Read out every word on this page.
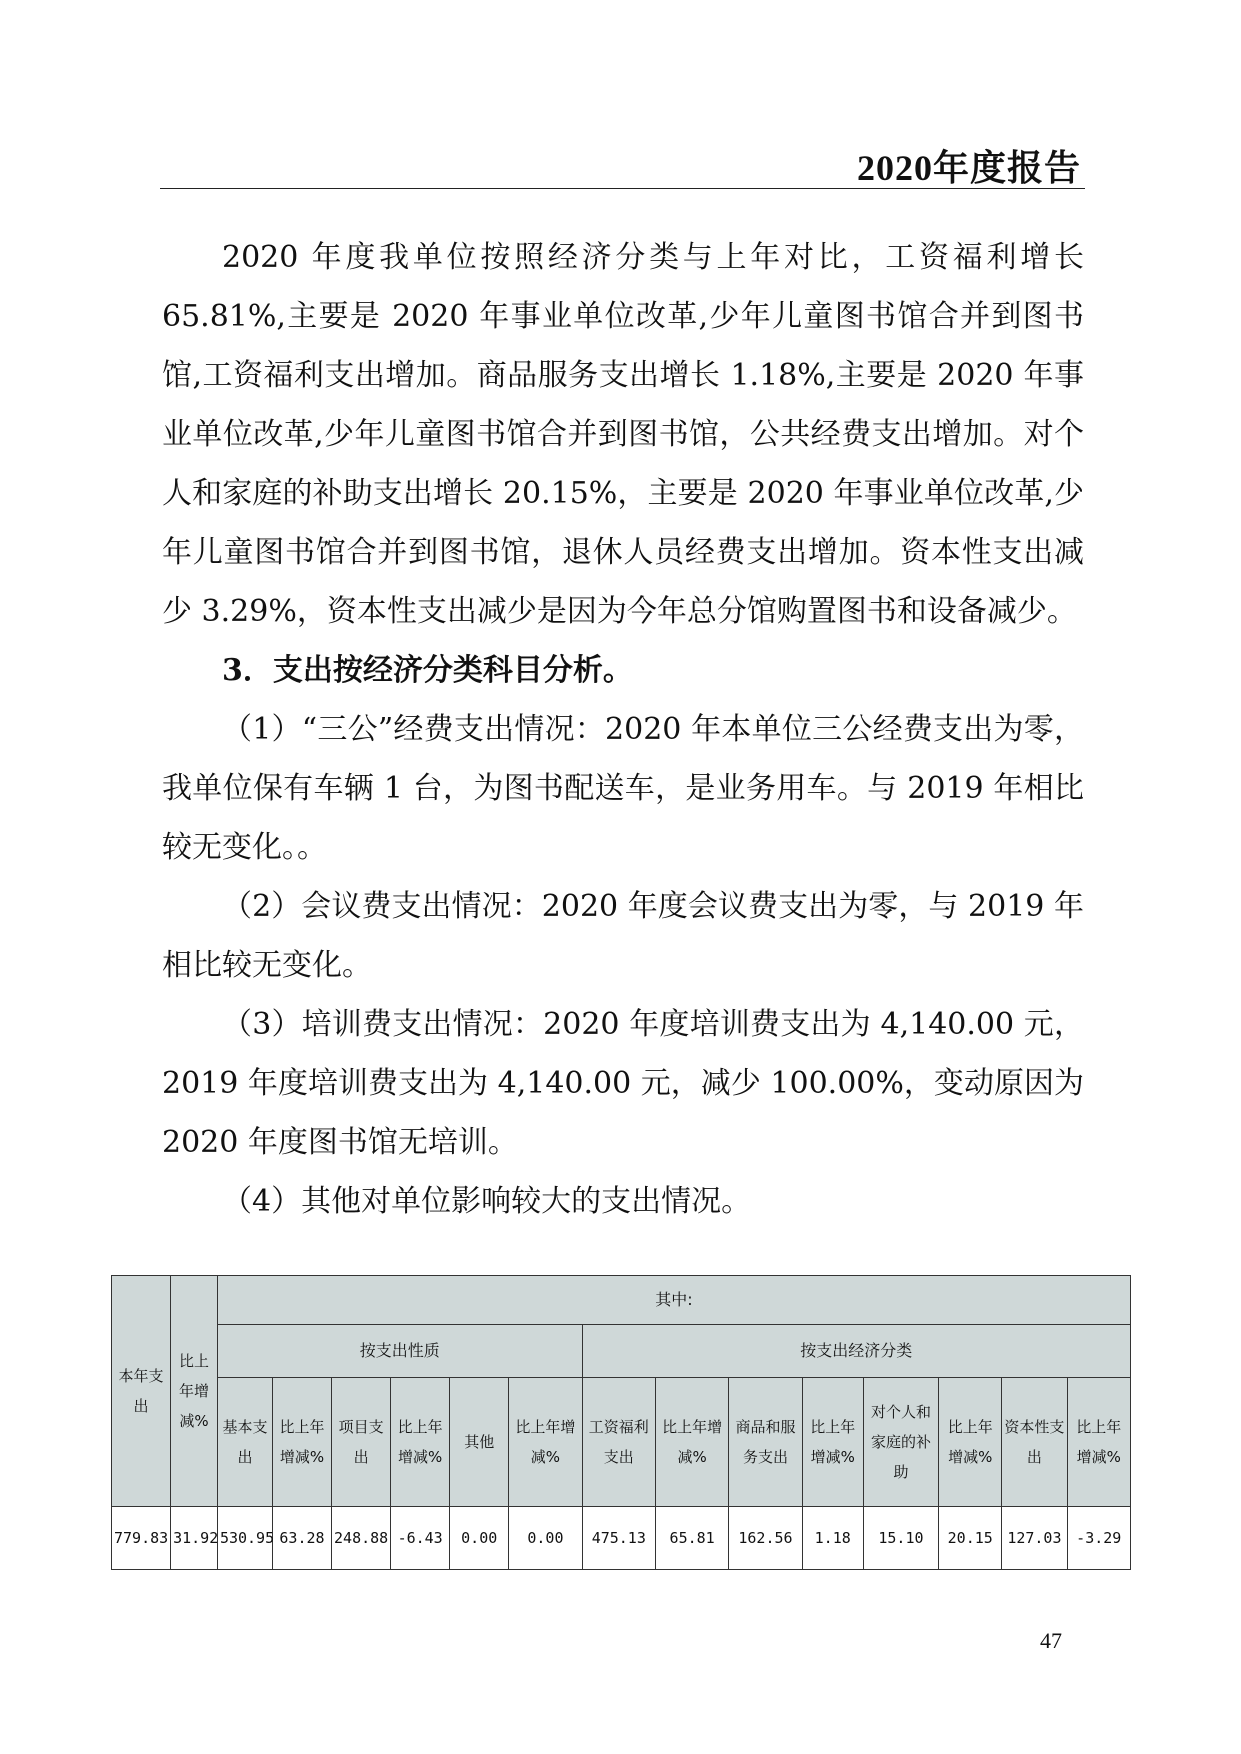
2020年度报告

2020 年度我单位按照经济分类与上年对比，工资福利增长 65.81%,主要是 2020 年事业单位改革,少年儿童图书馆合并到图书馆,工资福利支出增加。商品服务支出增长 1.18%,主要是 2020 年事业单位改革,少年儿童图书馆合并到图书馆，公共经费支出增加。对个人和家庭的补助支出增长 20.15%，主要是 2020 年事业单位改革,少年儿童图书馆合并到图书馆，退休人员经费支出增加。资本性支出减少 3.29%，资本性支出减少是因为今年总分馆购置图书和设备减少。

3．支出按经济分类科目分析。

（1）“三公”经费支出情况：2020 年本单位三公经费支出为零，我单位保有车辆 1 台，为图书配送车，是业务用车。与 2019 年相比较无变化。。

（2）会议费支出情况：2020 年度会议费支出为零，与 2019 年相比较无变化。

（3）培训费支出情况：2020 年度培训费支出为 4,140.00 元，2019 年度培训费支出为 4,140.00 元，减少 100.00%，变动原因为 2020 年度图书馆无培训。

（4）其他对单位影响较大的支出情况。

本年支出	比上年增减%	其中:													
		按支出性质						按支出经济分类							
		基本支出	比上年增减%	项目支出	比上年增减%	其他	比上年增减%	工资福利支出	比上年增减%	商品和服务支出	比上年增减%	对个人和家庭的补助	比上年增减%	资本性支出	比上年增减%
779.83	31.92	530.95	63.28	248.88	-6.43	0.00	0.00	475.13	65.81	162.56	1.18	15.10	20.15	127.03	-3.29
47
